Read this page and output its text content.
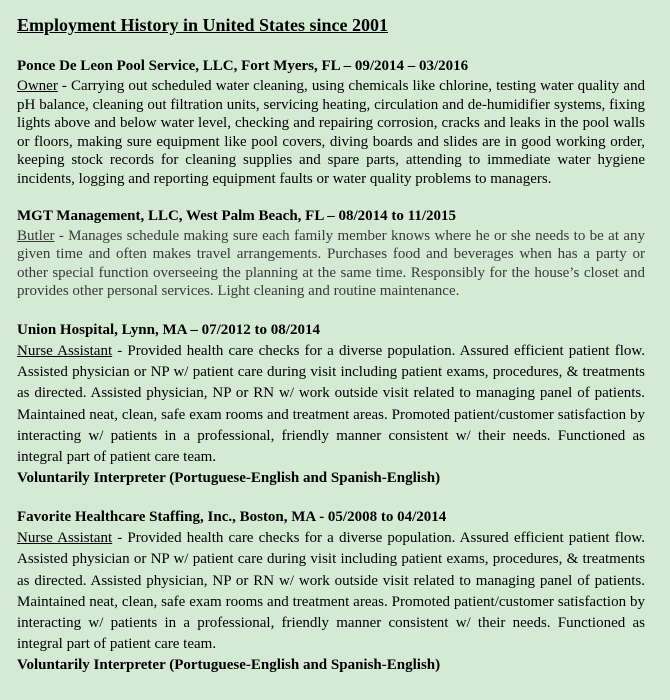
Employment History in United States since 2001
Ponce De Leon Pool Service, LLC, Fort Myers, FL – 09/2014 – 03/2016

Owner - Carrying out scheduled water cleaning, using chemicals like chlorine, testing water quality and pH balance, cleaning out filtration units, servicing heating, circulation and de-humidifier systems, fixing lights above and below water level, checking and repairing corrosion, cracks and leaks in the pool walls or floors, making sure equipment like pool covers, diving boards and slides are in good working order, keeping stock records for cleaning supplies and spare parts, attending to immediate water hygiene incidents, logging and reporting equipment faults or water quality problems to managers.

MGT Management, LLC, West Palm Beach, FL – 08/2014 to 11/2015

Butler - Manages schedule making sure each family member knows where he or she needs to be at any given time and often makes travel arrangements. Purchases food and beverages when has a party or other special function overseeing the planning at the same time. Responsibly for the house’s closet and provides other personal services. Light cleaning and routine maintenance.

Union Hospital, Lynn, MA – 07/2012 to 08/2014

Nurse Assistant - Provided health care checks for a diverse population. Assured efficient patient flow. Assisted physician or NP w/ patient care during visit including patient exams, procedures, & treatments as directed. Assisted physician, NP or RN w/ work outside visit related to managing panel of patients. Maintained neat, clean, safe exam rooms and treatment areas. Promoted patient/customer satisfaction by interacting w/ patients in a professional, friendly manner consistent w/ their needs. Functioned as integral part of patient care team.

Voluntarily Interpreter (Portuguese-English and Spanish-English)
Favorite Healthcare Staffing, Inc., Boston, MA - 05/2008 to 04/2014

Nurse Assistant - Provided health care checks for a diverse population. Assured efficient patient flow. Assisted physician or NP w/ patient care during visit including patient exams, procedures, & treatments as directed. Assisted physician, NP or RN w/ work outside visit related to managing panel of patients. Maintained neat, clean, safe exam rooms and treatment areas. Promoted patient/customer satisfaction by interacting w/ patients in a professional, friendly manner consistent w/ their needs. Functioned as integral part of patient care team.

Voluntarily Interpreter (Portuguese-English and Spanish-English)
